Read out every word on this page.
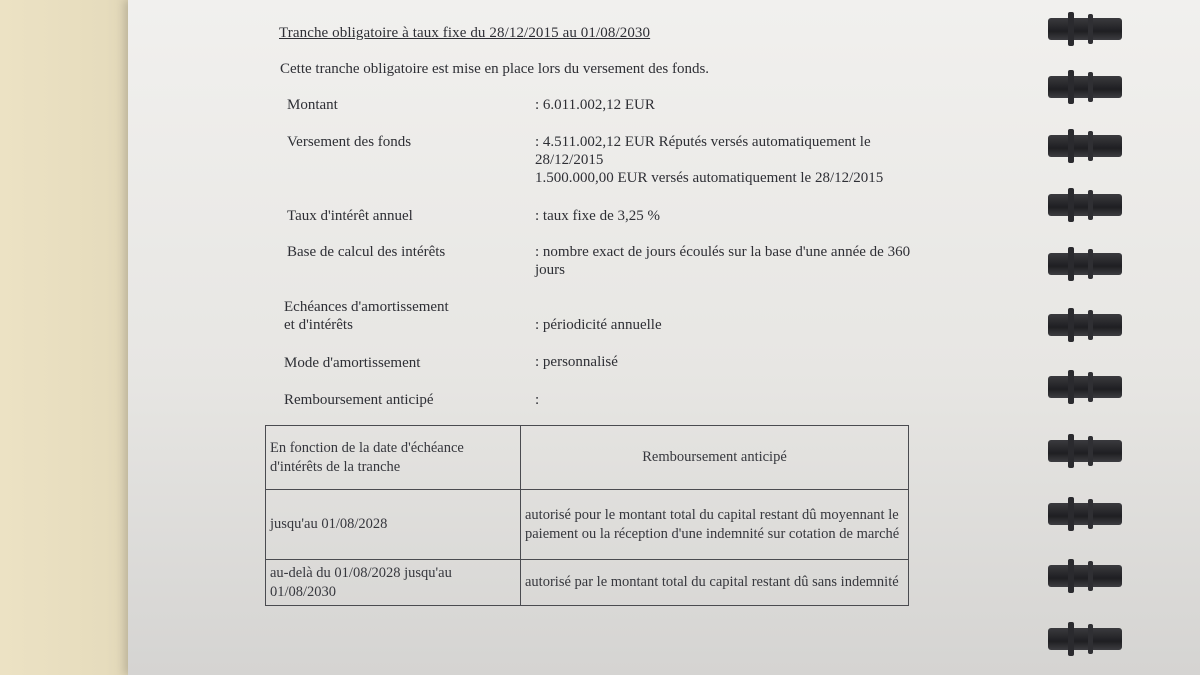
Tranche obligatoire à taux fixe du 28/12/2015 au 01/08/2030
Cette tranche obligatoire est mise en place lors du versement des fonds.
Montant	: 6.011.002,12 EUR
Versement des fonds	: 4.511.002,12 EUR Réputés versés automatiquement le
28/12/2015
1.500.000,00 EUR versés automatiquement le 28/12/2015
Taux d'intérêt annuel	: taux fixe de 3,25 %
Base de calcul des intérêts	: nombre exact de jours écoulés sur la base d'une année de 360
jours
Echéances d'amortissement
et d'intérêts	: périodicité annuelle
Mode d'amortissement	: personnalisé
Remboursement anticipé	:
En fonction de la date d'échéance d'intérêts de la tranche	Remboursement anticipé
jusqu'au 01/08/2028	autorisé pour le montant total du capital restant dû moyennant le paiement ou la réception d'une indemnité sur cotation de marché
au-delà du 01/08/2028 jusqu'au 01/08/2030	autorisé par le montant total du capital restant dû sans indemnité
